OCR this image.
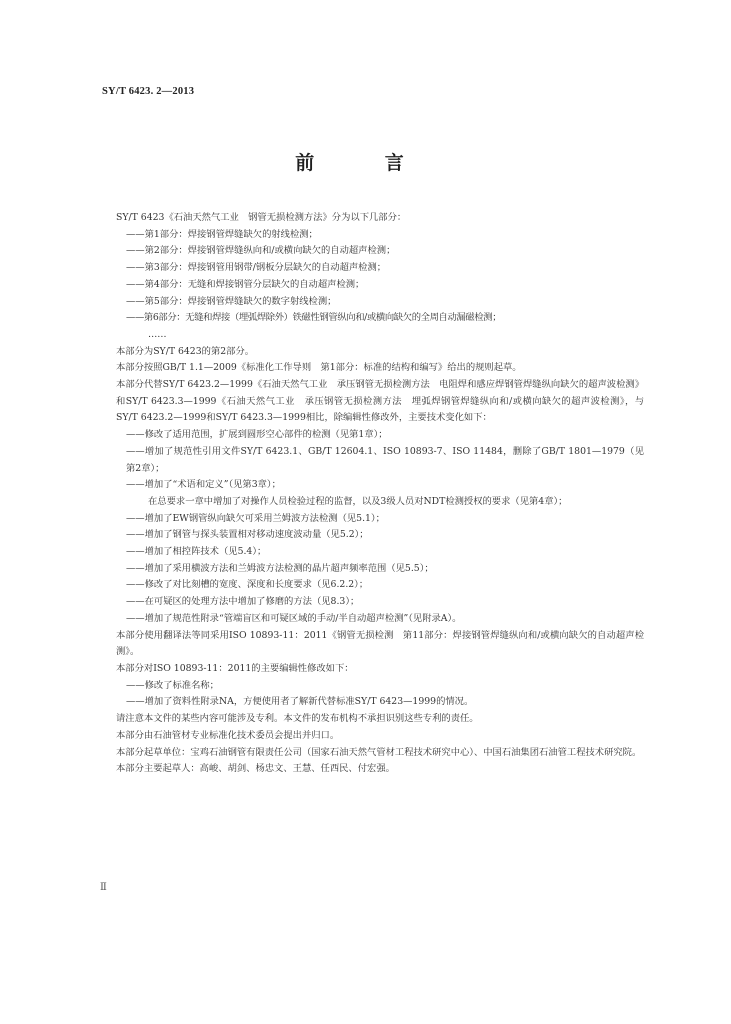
SY/T 6423. 2—2013
前 言
SY/T 6423《石油天然气工业　钢管无损检测方法》分为以下几部分：
——第1部分：焊接钢管焊缝缺欠的射线检测；
——第2部分：焊接钢管焊缝纵向和/或横向缺欠的自动超声检测；
——第3部分：焊接钢管用钢带/钢板分层缺欠的自动超声检测；
——第4部分：无缝和焊接钢管分层缺欠的自动超声检测；
——第5部分：焊接钢管焊缝缺欠的数字射线检测；
——第6部分：无缝和焊接（埋弧焊除外）铁磁性钢管纵向和/或横向缺欠的全周自动漏磁检测；
……
本部分为SY/T 6423的第2部分。
本部分按照GB/T 1.1—2009《标准化工作导则　第1部分：标准的结构和编写》给出的规则起草。
本部分代替SY/T 6423.2—1999《石油天然气工业　承压钢管无损检测方法　电阻焊和感应焊钢管焊缝纵向缺欠的超声波检测》和SY/T 6423.3—1999《石油天然气工业　承压钢管无损检测方法　埋弧焊钢管焊缝纵向和/或横向缺欠的超声波检测》，与SY/T 6423.2—1999和SY/T 6423.3—1999相比，除编辑性修改外，主要技术变化如下：
——修改了适用范围，扩展到圆形空心部件的检测（见第1章）；
——增加了规范性引用文件SY/T 6423.1、GB/T 12604.1、ISO 10893-7、ISO 11484，删除了GB/T 1801—1979（见第2章）；
——增加了“术语和定义”（见第3章）；
在总要求一章中增加了对操作人员检验过程的监督，以及3级人员对NDT检测授权的要求（见第4章）；
——增加了EW钢管纵向缺欠可采用兰姆波方法检测（见5.1）；
——增加了钢管与探头装置相对移动速度波动量（见5.2）；
——增加了相控阵技术（见5.4）；
——增加了采用横波方法和兰姆波方法检测的晶片超声频率范围（见5.5）；
——修改了对比刻槽的宽度、深度和长度要求（见6.2.2）；
——在可疑区的处理方法中增加了修磨的方法（见8.3）；
——增加了规范性附录“管端盲区和可疑区域的手动/半自动超声检测”（见附录A）。
本部分使用翻译法等同采用ISO 10893-11：2011《钢管无损检测　第11部分：焊接钢管焊缝纵向和/或横向缺欠的自动超声检测》。
本部分对ISO 10893-11：2011的主要编辑性修改如下：
——修改了标准名称；
——增加了资料性附录NA，方便使用者了解新代替标准SY/T 6423—1999的情况。
请注意本文件的某些内容可能涉及专利。本文件的发布机构不承担识别这些专利的责任。
本部分由石油管材专业标准化技术委员会提出并归口。
本部分起草单位：宝鸡石油钢管有限责任公司（国家石油天然气管材工程技术研究中心）、中国石油集团石油管工程技术研究院。
本部分主要起草人：高峻、胡剑、杨忠文、王慧、任西民、付宏强。
Ⅱ
